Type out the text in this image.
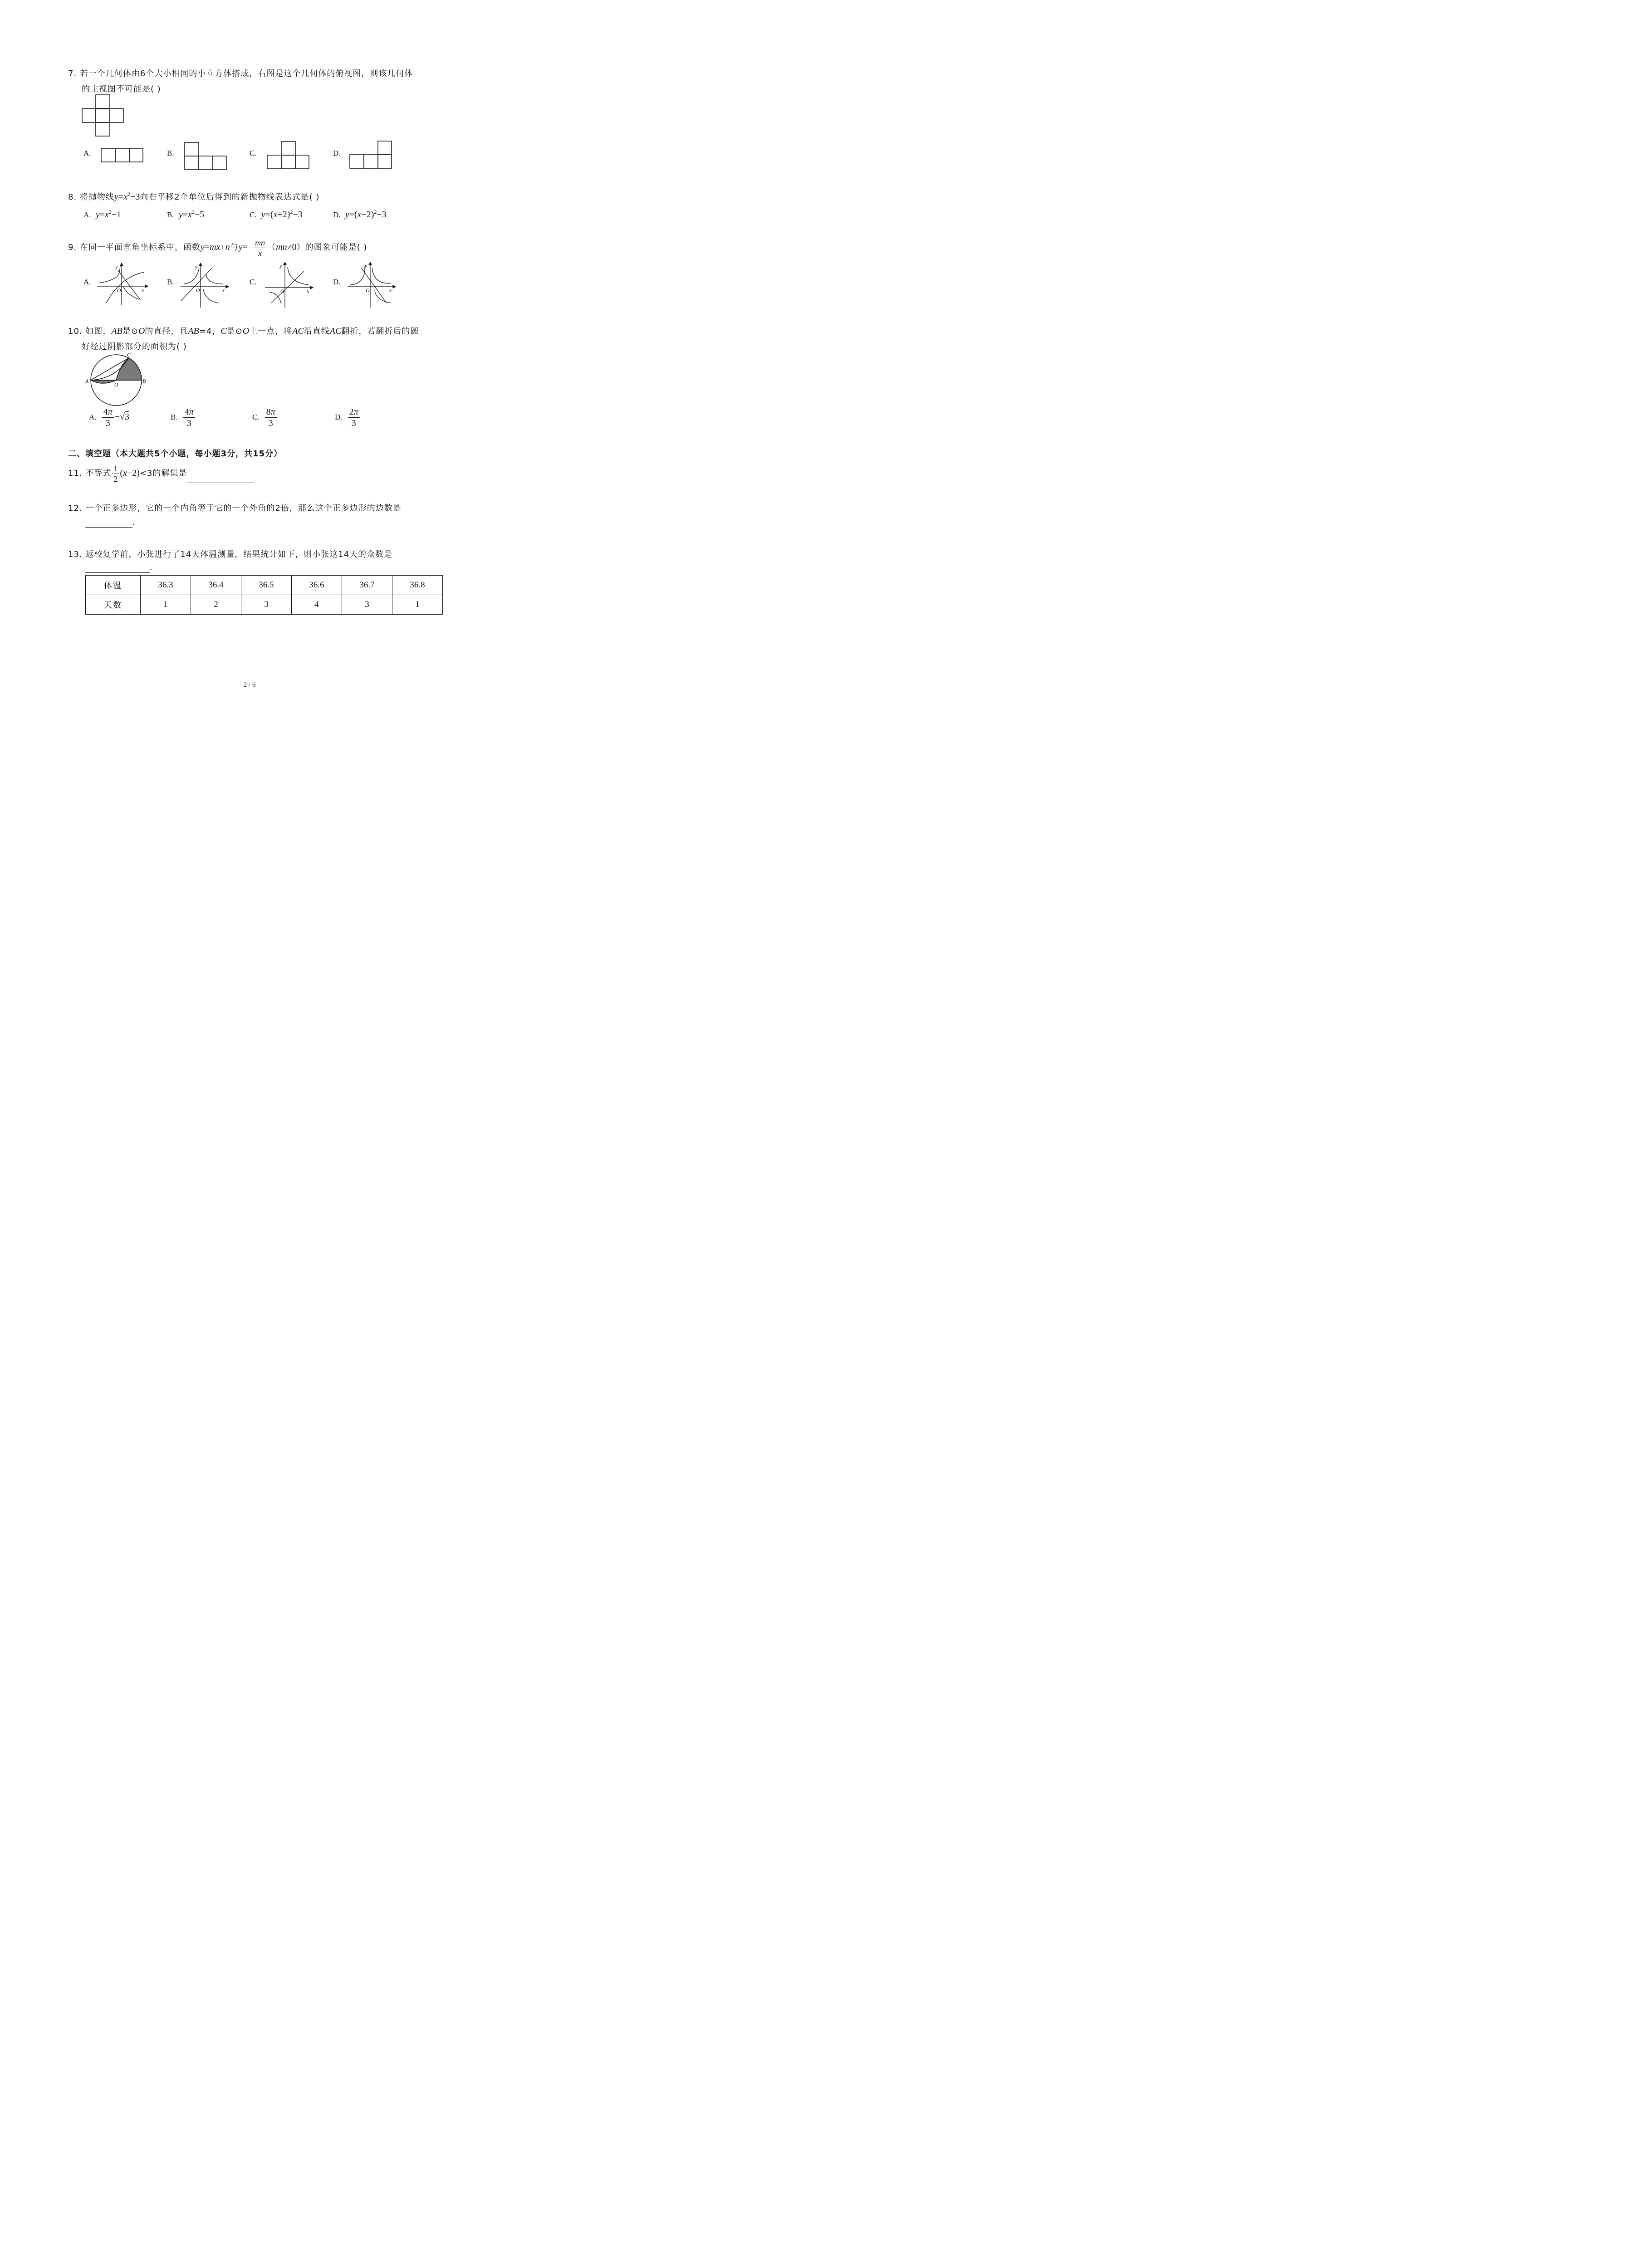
7. 若一个几何体由6个大小相同的小立方体搭成，右图是这个几何体的俯视图，则该几何体
的主视图不可能是( )
A.	B.	C.	D.
8. 将抛物线$y=x^2-3$向右平移2个单位后得到的新抛物线表达式是( )
A. $y=x^2-1$	B. $y=x^2-5$	C. $y=(x+2)^2-3$	D. $y=(x-2)^2-3$
9. 在同一平面直角坐标系中，函数y=mx+n与$y=- \frac{mn}{x} (mn\ne 0)$的图象可能是( )
A.
y
O	x
B.
y
O	x
C.
y
O	x
D.
y
O	x
10. 如图，AB是⊙O的直径，且AB=4，C是⊙O上一点，将AC沿直线AC翻折，若翻折后的圆
好经过阴影部分的面积为( )
A	B
C
O
A. $\frac{4\pi}{3} -√3$	B. $\frac{4\pi}{3}$	C. $\frac{8\pi}{3}$	D. $\frac{2\pi}{3}$
二、填空题（本大题共5个小题，每小题3分，共15分）
11. 不等式 $\frac{1}{2} (x-2)<3$的解集是
12. 一个正多边形，它的一个内角等于它的一个外角的2倍，那么这个正多边形的边数是
.
13. 返校复学前，小张进行了14天体温测量，结果统计如下，则小张这14天的众数是
.
体温	36.3	36.4	36.5	36.6	36.7	36.8
天数	1	2	3	4	3	1
2 / 6
